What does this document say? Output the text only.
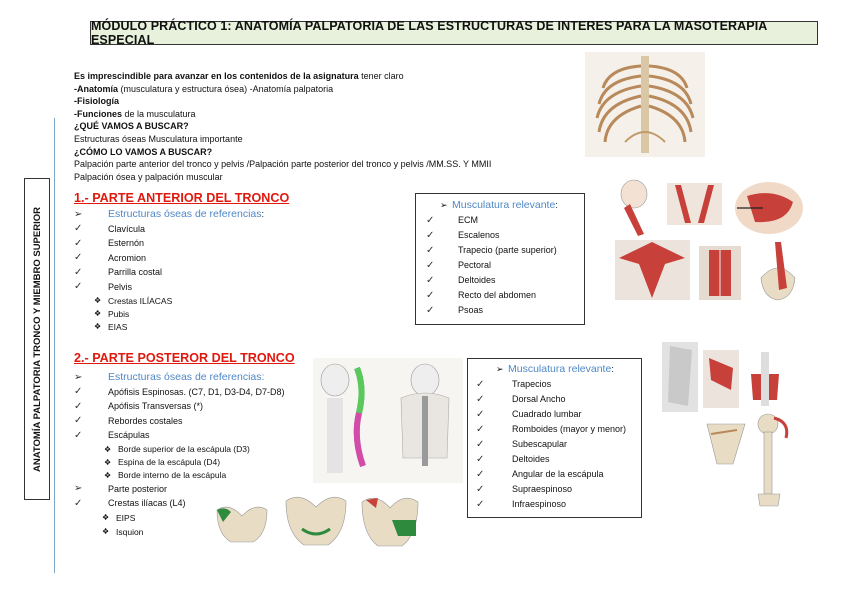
MÓDULO PRÁCTICO 1: ANATOMÍA PALPATORIA DE LAS ESTRUCTURAS DE INTERES PARA LA MASOTERAPIA ESPECIAL
ANATOMÍA PALPATORIA TRONCO Y MIEMBRO SUPERIOR
Es imprescindible para avanzar en los contenidos de la asignatura tener claro
-Anatomía (musculatura y estructura ósea) -Anatomía palpatoria
-Fisiología
-Funciones de la musculatura
¿QUÉ VAMOS A BUSCAR?
Estructuras óseas Musculatura importante
¿CÓMO LO VAMOS A BUSCAR?
Palpación parte anterior del tronco y pelvis /Palpación parte posterior del tronco y pelvis /MM.SS. Y MMII
Palpación ósea y palpación muscular
1.- PARTE ANTERIOR DEL TRONCO
➢	Estructuras óseas de referencias :
✓	Clavícula
✓	Esternón
✓	Acromion
✓	Parrilla costal
✓	Pelvis
❖ Crestas ILÍACAS
❖ Pubis
❖ EIAS
➢ Musculatura relevante :
✓	ECM
✓	Escalenos
✓	Trapecio (parte superior)
✓	Pectoral
✓	Deltoides
✓	Recto del abdomen
✓	Psoas
2.- PARTE POSTEROR DEL TRONCO
➢	Estructuras óseas de referencias:
✓	Apófisis Espinosas. (C7, D1, D3-D4, D7-D8)
✓	Apófisis Transversas (*)
✓	Rebordes costales
✓	Escápulas
❖ Borde superior de la escápula (D3)
❖ Espina de la escápula (D4)
❖ Borde interno de la escápula
➢	Parte posterior
✓	Crestas ilíacas (L4)
❖ EIPS
❖ Isquion
➢ Musculatura relevante :
✓	Trapecios
✓	Dorsal Ancho
✓	Cuadrado lumbar
✓	Romboides (mayor y menor)
✓	Subescapular
✓	Deltoides
✓	Angular de la escápula
✓	Supraespinoso
✓	Infraespinoso
